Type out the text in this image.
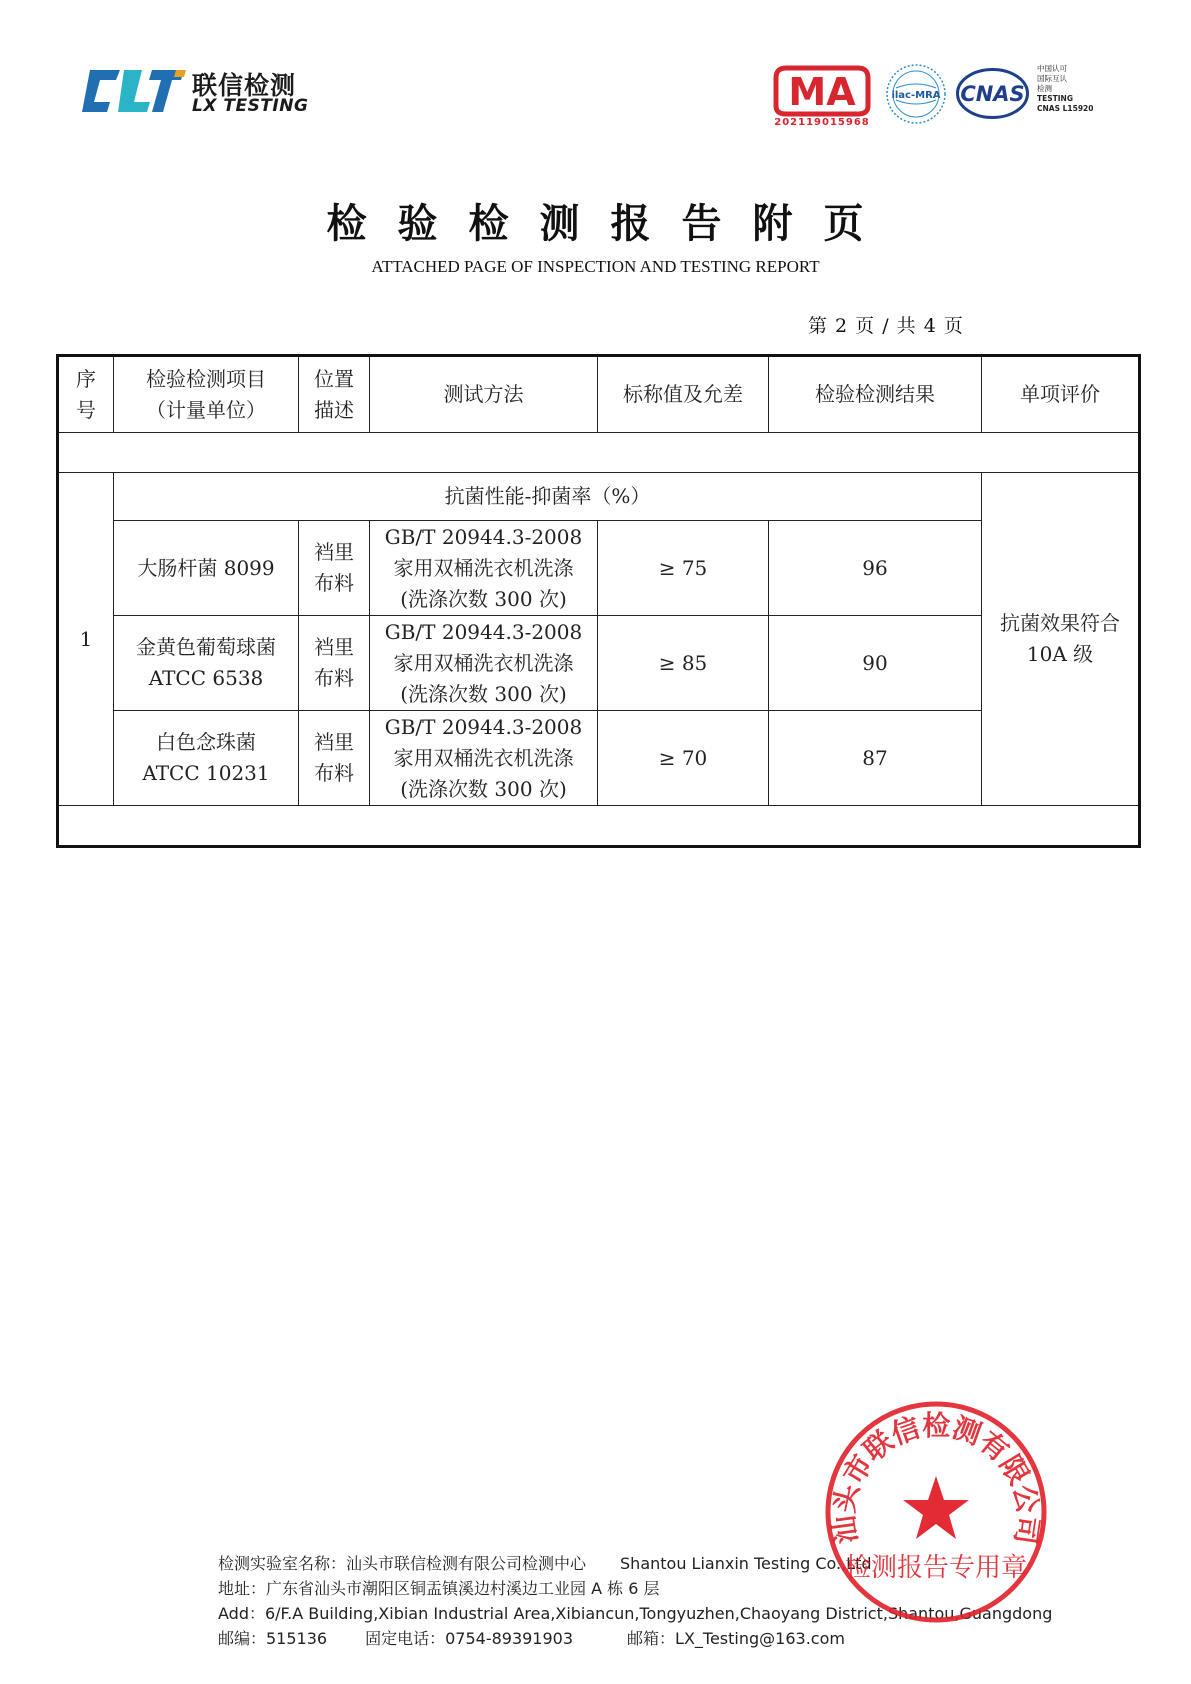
联信检测
LX TESTING	MA
202119015968
ilac-MRA CNAS
中国认可
国际互认
检测
TESTING
CNAS L15920
检验检测报告附页
ATTACHED PAGE OF INSPECTION AND TESTING REPORT
第 2 页 / 共 4 页
序
号	检验检测项目
（计量单位）	位置
描述	测试方法	标称值及允差	检验检测结果	单项评价

1	抗菌性能-抑菌率（%）					抗菌效果符合
10A 级

	大肠杆菌 8099	裆里
布料	GB/T 20944.3-2008
家用双桶洗衣机洗涤
(洗涤次数 300 次)	≥ 75	96	

	金黄色葡萄球菌
ATCC 6538	裆里
布料	GB/T 20944.3-2008
家用双桶洗衣机洗涤
(洗涤次数 300 次)	≥ 85	90	

	白色念珠菌
ATCC 10231	裆里
布料	GB/T 20944.3-2008
家用双桶洗衣机洗涤
(洗涤次数 300 次)	≥ 70	87	

检测实验室名称：汕头市联信检测有限公司检测中心 Shantou Lianxin Testing Co.,Ltd
地址：广东省汕头市潮阳区铜盂镇溪边村溪边工业园 A 栋 6 层
Add：6/F.A Building,Xibian Industrial Area,Xibiancun,Tongyuzhen,Chaoyang District,Shantou,Guangdong
邮编：515136 固定电话：0754-89391903	邮箱：LX_Testing@163.com
汕头市联信检测有限公司
检测报告专用章
